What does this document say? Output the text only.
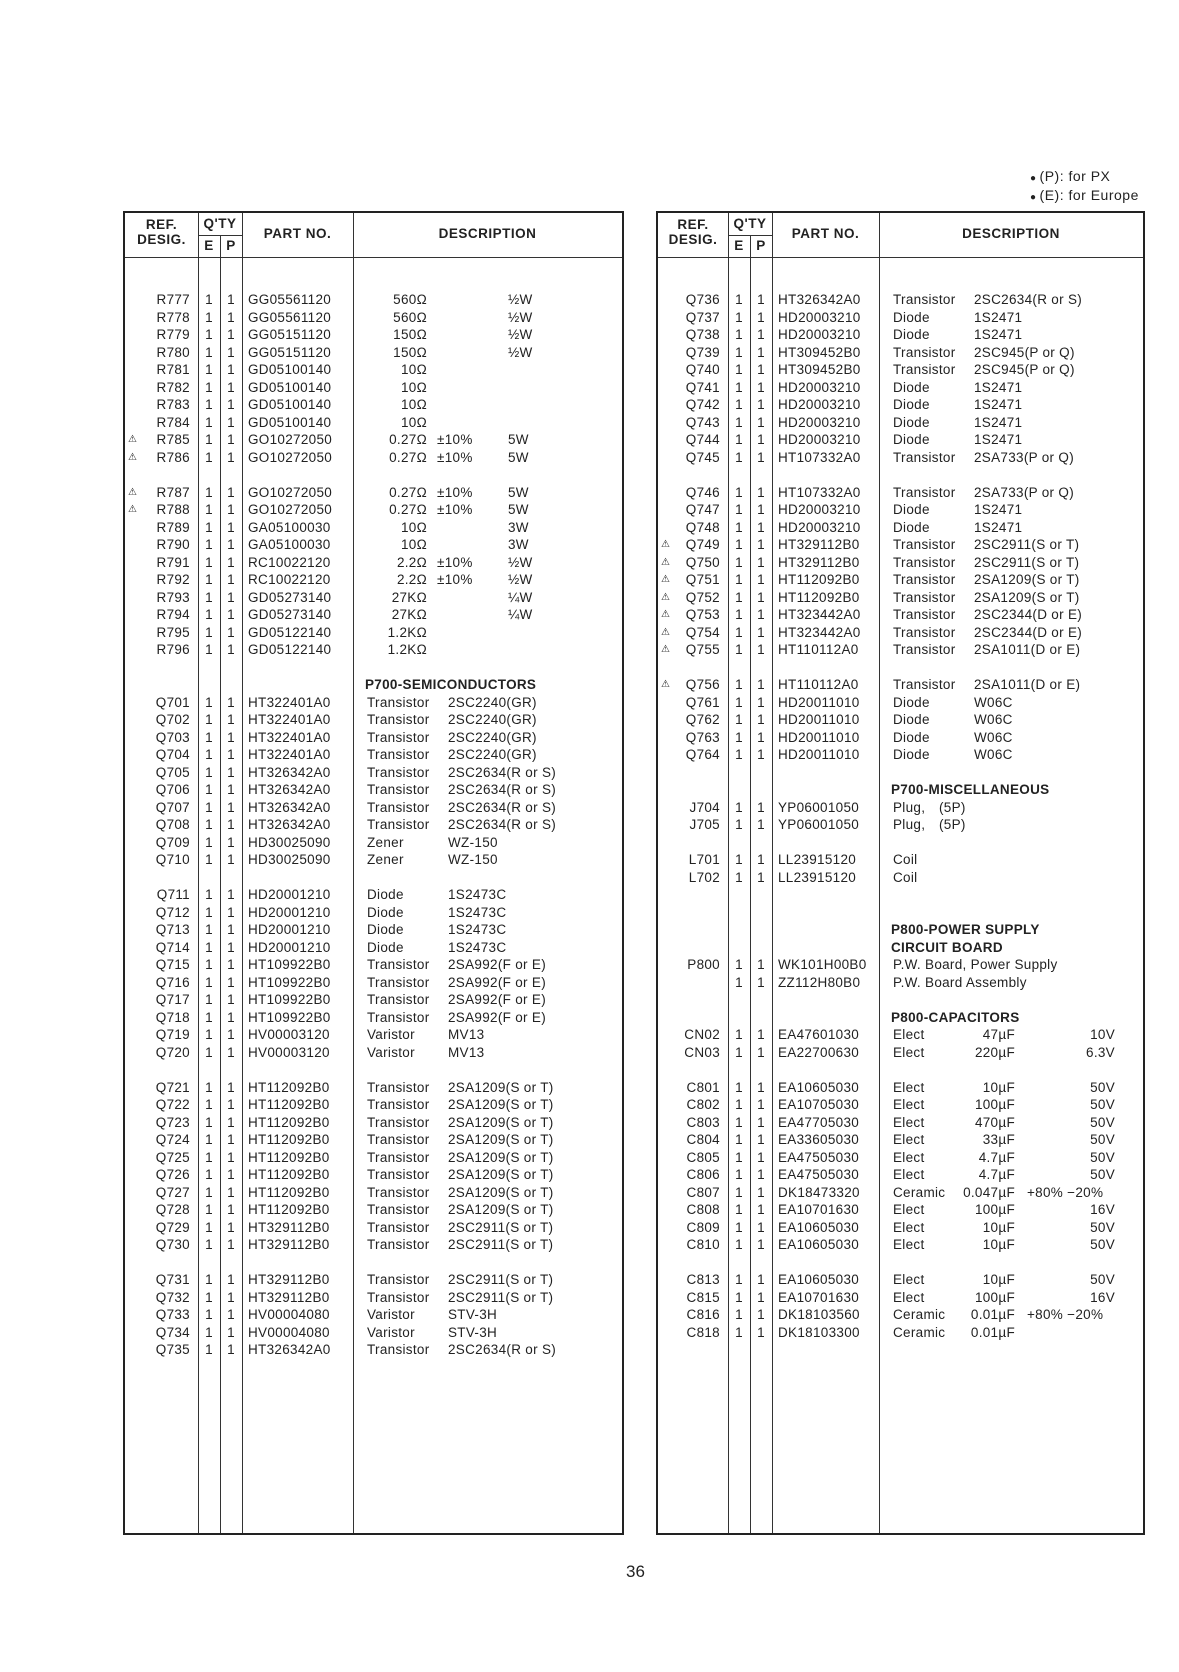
● (P): for PX
● (E): for Europe
REF.
DESIG.
Q'TY
E P
PART NO.	DESCRIPTION
R777	1	1 GG05561120	560Ω	½W
R778	1	1 GG05561120	560Ω	½W
R779	1	1 GG05151120	150Ω	½W
R780	1	1 GG05151120	150Ω	½W
R781	1	1 GD05100140	10Ω
R782	1	1 GD05100140	10Ω
R783	1	1 GD05100140	10Ω
R784	1	1 GD05100140	10Ω
⚠ R785	1	1 GO10272050	0.27Ω ±10%	5W
⚠ R786	1	1 GO10272050	0.27Ω ±10%	5W
⚠ R787	1	1 GO10272050	0.27Ω ±10%	5W
⚠ R788	1	1 GO10272050	0.27Ω ±10%	5W
R789	1	1 GA05100030	10Ω	3W
R790	1	1 GA05100030	10Ω	3W
R791	1	1 RC10022120	2.2Ω ±10%	½W
R792	1	1 RC10022120	2.2Ω ±10%	½W
R793	1	1 GD05273140	27KΩ	¼W
R794	1	1 GD05273140	27KΩ	¼W
R795	1	1 GD05122140	1.2KΩ
R796	1	1 GD05122140	1.2KΩ
P700-SEMICONDUCTORS
Q701	1	1 HT322401A0	Transistor 2SC2240(GR)
Q702	1	1 HT322401A0	Transistor 2SC2240(GR)
Q703	1	1 HT322401A0	Transistor 2SC2240(GR)
Q704	1	1 HT322401A0	Transistor 2SC2240(GR)
Q705	1	1 HT326342A0	Transistor 2SC2634(R or S)
Q706	1	1 HT326342A0	Transistor 2SC2634(R or S)
Q707	1	1 HT326342A0	Transistor 2SC2634(R or S)
Q708	1	1 HT326342A0	Transistor 2SC2634(R or S)
Q709	1	1 HD30025090	Zener	WZ-150
Q710	1	1 HD30025090	Zener	WZ-150
Q711	1	1 HD20001210	Diode	1S2473C
Q712	1	1 HD20001210	Diode	1S2473C
Q713	1	1 HD20001210	Diode	1S2473C
Q714	1	1 HD20001210	Diode	1S2473C
Q715	1	1 HT109922B0	Transistor 2SA992(F or E)
Q716	1	1 HT109922B0	Transistor 2SA992(F or E)
Q717	1	1 HT109922B0	Transistor 2SA992(F or E)
Q718	1	1 HT109922B0	Transistor 2SA992(F or E)
Q719	1	1 HV00003120	Varistor MV13
Q720	1	1 HV00003120	Varistor MV13
Q721	1	1 HT112092B0	Transistor 2SA1209(S or T)
Q722	1	1 HT112092B0	Transistor 2SA1209(S or T)
Q723	1	1 HT112092B0	Transistor 2SA1209(S or T)
Q724	1	1 HT112092B0	Transistor 2SA1209(S or T)
Q725	1	1 HT112092B0	Transistor 2SA1209(S or T)
Q726	1	1 HT112092B0	Transistor 2SA1209(S or T)
Q727	1	1 HT112092B0	Transistor 2SA1209(S or T)
Q728	1	1 HT112092B0	Transistor 2SA1209(S or T)
Q729	1	1 HT329112B0	Transistor 2SC2911(S or T)
Q730	1	1 HT329112B0	Transistor 2SC2911(S or T)
Q731	1	1 HT329112B0	Transistor 2SC2911(S or T)
Q732	1	1 HT329112B0	Transistor 2SC2911(S or T)
Q733	1	1 HV00004080	Varistor STV-3H
Q734	1	1 HV00004080	Varistor STV-3H
Q735	1	1 HT326342A0	Transistor 2SC2634(R or S)
REF.
DESIG.
Q'TY
E P
PART NO.	DESCRIPTION
Q736	1	1 HT326342A0 Transistor 2SC2634(R or S)
Q737	1	1 HD20003210 Diode	1S2471
Q738	1	1 HD20003210 Diode	1S2471
Q739	1	1 HT309452B0 Transistor 2SC945(P or Q)
Q740	1	1 HT309452B0 Transistor 2SC945(P or Q)
Q741	1	1 HD20003210 Diode	1S2471
Q742	1	1 HD20003210 Diode	1S2471
Q743	1	1 HD20003210 Diode	1S2471
Q744	1	1 HD20003210 Diode	1S2471
Q745	1	1 HT107332A0 Transistor 2SA733(P or Q)
Q746	1	1 HT107332A0 Transistor 2SA733(P or Q)
Q747	1	1 HD20003210 Diode	1S2471
Q748	1	1 HD20003210 Diode	1S2471
⚠ Q749	1	1 HT329112B0 Transistor 2SC2911(S or T)
⚠ Q750	1	1 HT329112B0 Transistor 2SC2911(S or T)
⚠ Q751	1	1 HT112092B0 Transistor 2SA1209(S or T)
⚠ Q752	1	1 HT112092B0 Transistor 2SA1209(S or T)
⚠ Q753	1	1 HT323442A0 Transistor 2SC2344(D or E)
⚠ Q754	1	1 HT323442A0 Transistor 2SC2344(D or E)
⚠ Q755	1	1 HT110112A0	Transistor 2SA1011(D or E)
⚠ Q756	1	1 HT110112A0	Transistor 2SA1011(D or E)
Q761	1	1 HD20011010 Diode	W06C
Q762	1	1 HD20011010 Diode	W06C
Q763	1	1 HD20011010 Diode	W06C
Q764	1	1 HD20011010 Diode	W06C
P700-MISCELLANEOUS
J704	1	1 YP06001050	Plug, (5P)
J705	1	1 YP06001050	Plug, (5P)
L701	1	1 LL23915120	Coil
L702	1	1 LL23915120	Coil
P800-POWER SUPPLY
CIRCUIT BOARD
P800	1	1 WK101H00B0 P.W. Board, Power Supply
1	1 ZZ112H80B0 P.W. Board Assembly
P800-CAPACITORS
CN02	1	1 EA47601030	Elect	47µF	10V
CN03	1	1 EA22700630	Elect	220µF	6.3V
C801	1	1 EA10605030	Elect	10µF	50V
C802	1	1 EA10705030	Elect	100µF	50V
C803	1	1 EA47705030	Elect	470µF	50V
C804	1	1 EA33605030	Elect	33µF	50V
C805	1	1 EA47505030	Elect	4.7µF	50V
C806	1	1 EA47505030	Elect	4.7µF	50V
C807	1	1 DK18473320 Ceramic	0.047µF +80% −20%
C808	1	1 EA10701630	Elect	100µF	16V
C809	1	1 EA10605030	Elect	10µF	50V
C810	1	1 EA10605030	Elect	10µF	50V
C813	1	1 EA10605030	Elect	10µF	50V
C815	1	1 EA10701630	Elect	100µF	16V
C816	1	1 DK18103560 Ceramic	0.01µF +80% −20%
C818	1	1 DK18103300 Ceramic	0.01µF
36
